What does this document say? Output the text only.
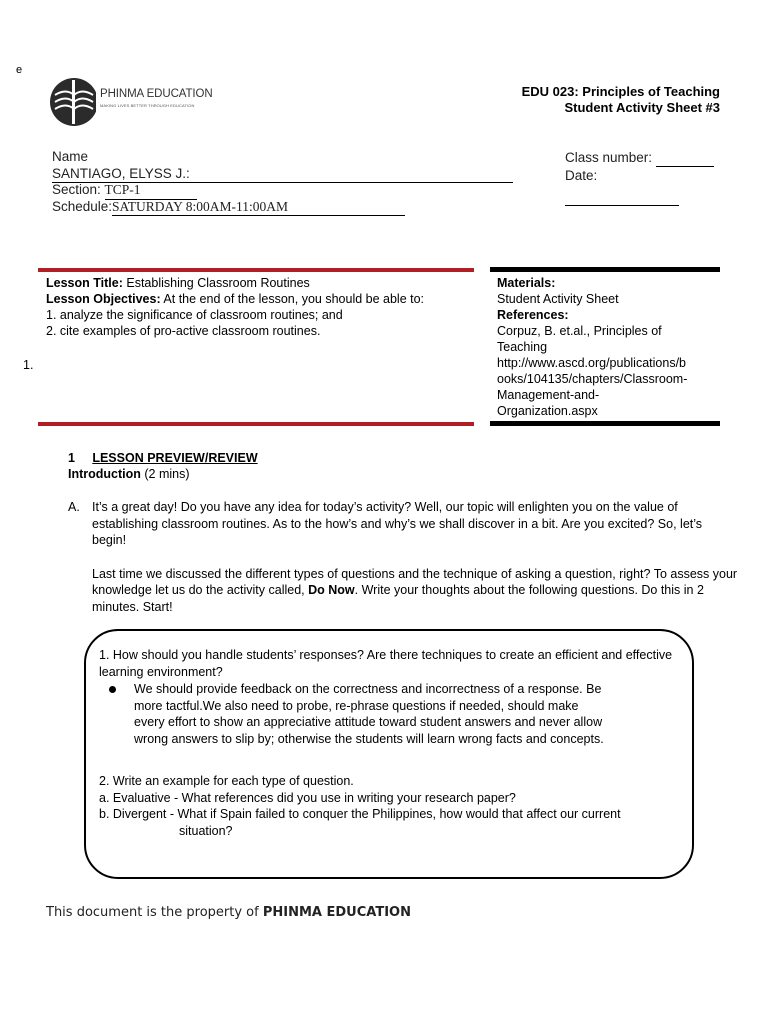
e
PHINMA EDUCATION
MAKING LIVES BETTER THROUGH EDUCATION
EDU 023: Principles of Teaching
Student Activity Sheet #3
Name
SANTIAGO, ELYSS J.:
Section: TCP-1
Schedule:SATURDAY 8:00AM-11:00AM
Class number:
Date:

Lesson Title: Establishing Classroom Routines
Lesson Objectives: At the end of the lesson, you should be able to:
1. analyze the significance of classroom routines; and
2. cite examples of pro-active classroom routines.
Materials:
Student Activity Sheet
References:
Corpuz, B. et.al., Principles of
Teaching
http://www.ascd.org/publications/b
ooks/104135/chapters/Classroom-
Management-and-
Organization.aspx
1.
1 LESSON PREVIEW/REVIEW
Introduction (2 mins)
A. It’s a great day! Do you have any idea for today’s activity? Well, our topic will enlighten you on the value of establishing classroom routines. As to the how’s and why’s we shall discover in a bit. Are you excited? So, let’s begin!
Last time we discussed the different types of questions and the technique of asking a question, right? To assess your knowledge let us do the activity called, Do Now. Write your thoughts about the following questions. Do this in 2 minutes. Start!
1. How should you handle students’ responses? Are there techniques to create an efficient and effective learning environment?
We should provide feedback on the correctness and incorrectness of a response. Be
more tactful.We also need to probe, re-phrase questions if needed, should make
every effort to show an appreciative attitude toward student answers and never allow
wrong answers to slip by; otherwise the students will learn wrong facts and concepts.
2. Write an example for each type of question.
a. Evaluative - What references did you use in writing your research paper?
b. Divergent - What if Spain failed to conquer the Philippines, how would that affect our current
situation?
This document is the property of PHINMA EDUCATION
